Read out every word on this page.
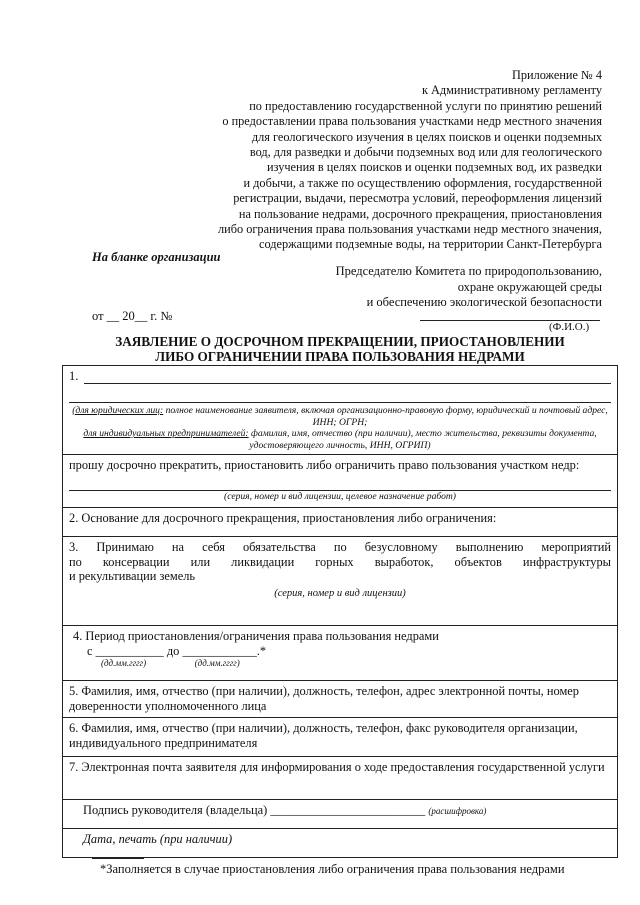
Приложение № 4
к Административному регламенту
по предоставлению государственной услуги по принятию решений
о предоставлении права пользования участками недр местного значения
для геологического изучения в целях поисков и оценки подземных
вод, для разведки и добычи подземных вод или для геологического
изучения в целях поисков и оценки подземных вод, их разведки
и добычи, а также по осуществлению оформления, государственной
регистрации, выдачи, пересмотра условий, переоформления лицензий
на пользование недрами, досрочного прекращения, приостановления
либо ограничения права пользования участками недр местного значения,
содержащими подземные воды, на территории Санкт-Петербурга
На бланке организации
Председателю Комитета по природопользованию,
охране окружающей среды
и обеспечению экологической безопасности
от __ 20__ г. №
(Ф.И.О.)
ЗАЯВЛЕНИЕ О ДОСРОЧНОМ ПРЕКРАЩЕНИИ, ПРИОСТАНОВЛЕНИИ
ЛИБО ОГРАНИЧЕНИИ ПРАВА ПОЛЬЗОВАНИЯ НЕДРАМИ
1.
(для юридических лиц: полное наименование заявителя, включая организационно-правовую форму, юридический и почтовый адрес, ИНН; ОГРН;
для индивидуальных предпринимателей: фамилия, имя, отчество (при наличии), место жительства, реквизиты документа, удостоверяющего личность, ИНН, ОГРИП)

прошу досрочно прекратить, приостановить либо ограничить право пользования участком недр:
(серия, номер и вид лицензии, целевое назначение работ)

2. Основание для досрочного прекращения, приостановления либо ограничения:

3. Принимаю на себя обязательства по безусловному выполнению мероприятий
по консервации или ликвидации горных выработок, объектов инфраструктуры
и рекультивации земель
(серия, номер и вид лицензии)

4. Период приостановления/ограничения права пользования недрами
с ___________ до ____________.*
(дд.мм.гггг)	(дд.мм.гггг)

5. Фамилия, имя, отчество (при наличии), должность, телефон, адрес электронной почты, номер доверенности уполномоченного лица

6. Фамилия, имя, отчество (при наличии), должность, телефон, факс руководителя организации, индивидуального предпринимателя

7. Электронная почта заявителя для информирования о ходе предоставления государственной услуги

Подпись руководителя (владельца) _________________________ (расшифровка)
Дата, печать (при наличии)
*Заполняется в случае приостановления либо ограничения права пользования недрами
